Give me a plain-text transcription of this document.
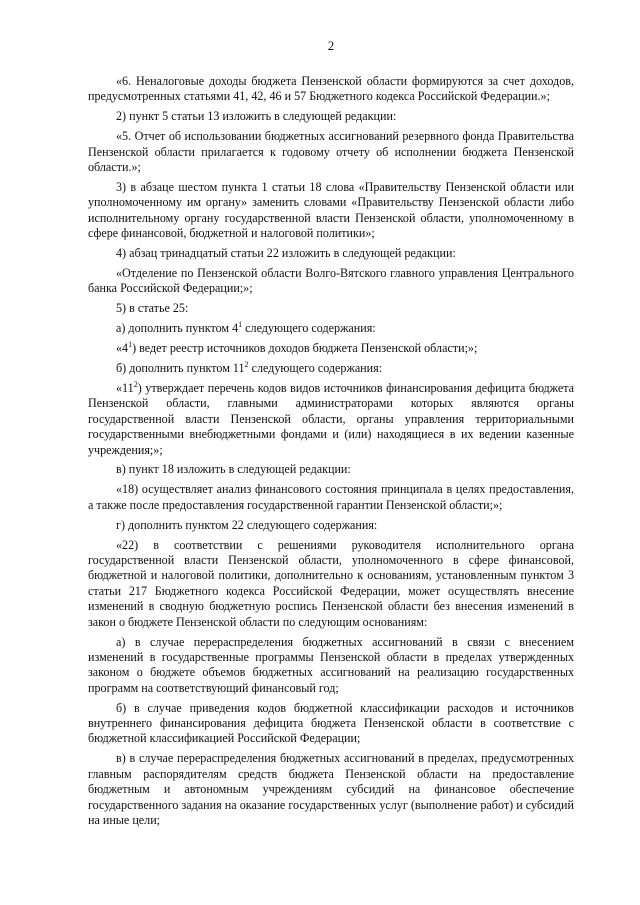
2

«6. Неналоговые доходы бюджета Пензенской области формируются за счет доходов, предусмотренных статьями 41, 42, 46 и 57 Бюджетного кодекса Российской Федерации.»;

2) пункт 5 статьи 13 изложить в следующей редакции:

«5. Отчет об использовании бюджетных ассигнований резервного фонда Правительства Пензенской области прилагается к годовому отчету об исполнении бюджета Пензенской области.»;

3) в абзаце шестом пункта 1 статьи 18 слова «Правительству Пензенской области или уполномоченному им органу» заменить словами «Правительству Пензенской области либо исполнительному органу государственной власти Пензенской области, уполномоченному в сфере финансовой, бюджетной и налоговой политики»;

4) абзац тринадцатый статьи 22 изложить в следующей редакции:

«Отделение по Пензенской области Волго-Вятского главного управления Центрального банка Российской Федерации;»;

5) в статье 25:

а) дополнить пунктом $4^1$ следующего содержания:

«$4^1$) ведет реестр источников доходов бюджета Пензенской области;»;

б) дополнить пунктом $11^2$ следующего содержания:

«$11^2$) утверждает перечень кодов видов источников финансирования дефицита бюджета Пензенской области, главными администраторами которых являются органы государственной власти Пензенской области, органы управления территориальными государственными внебюджетными фондами и (или) находящиеся в их ведении казенные учреждения;»;

в) пункт 18 изложить в следующей редакции:

«18) осуществляет анализ финансового состояния принципала в целях предоставления, а также после предоставления государственной гарантии Пензенской области;»;

г) дополнить пунктом 22 следующего содержания:

«22) в соответствии с решениями руководителя исполнительного органа государственной власти Пензенской области, уполномоченного в сфере финансовой, бюджетной и налоговой политики, дополнительно к основаниям, установленным пунктом 3 статьи 217 Бюджетного кодекса Российской Федерации, может осуществлять внесение изменений в сводную бюджетную роспись Пензенской области без внесения изменений в закон о бюджете Пензенской области по следующим основаниям:

а) в случае перераспределения бюджетных ассигнований в связи с внесением изменений в государственные программы Пензенской области в пределах утвержденных законом о бюджете объемов бюджетных ассигнований на реализацию государственных программ на соответствующий финансовый год;

б) в случае приведения кодов бюджетной классификации расходов и источников внутреннего финансирования дефицита бюджета Пензенской области в соответствие с бюджетной классификацией Российской Федерации;

в) в случае перераспределения бюджетных ассигнований в пределах, предусмотренных главным распорядителям средств бюджета Пензенской области на предоставление бюджетным и автономным учреждениям субсидий на финансовое обеспечение государственного задания на оказание государственных услуг (выполнение работ) и субсидий на иные цели;
